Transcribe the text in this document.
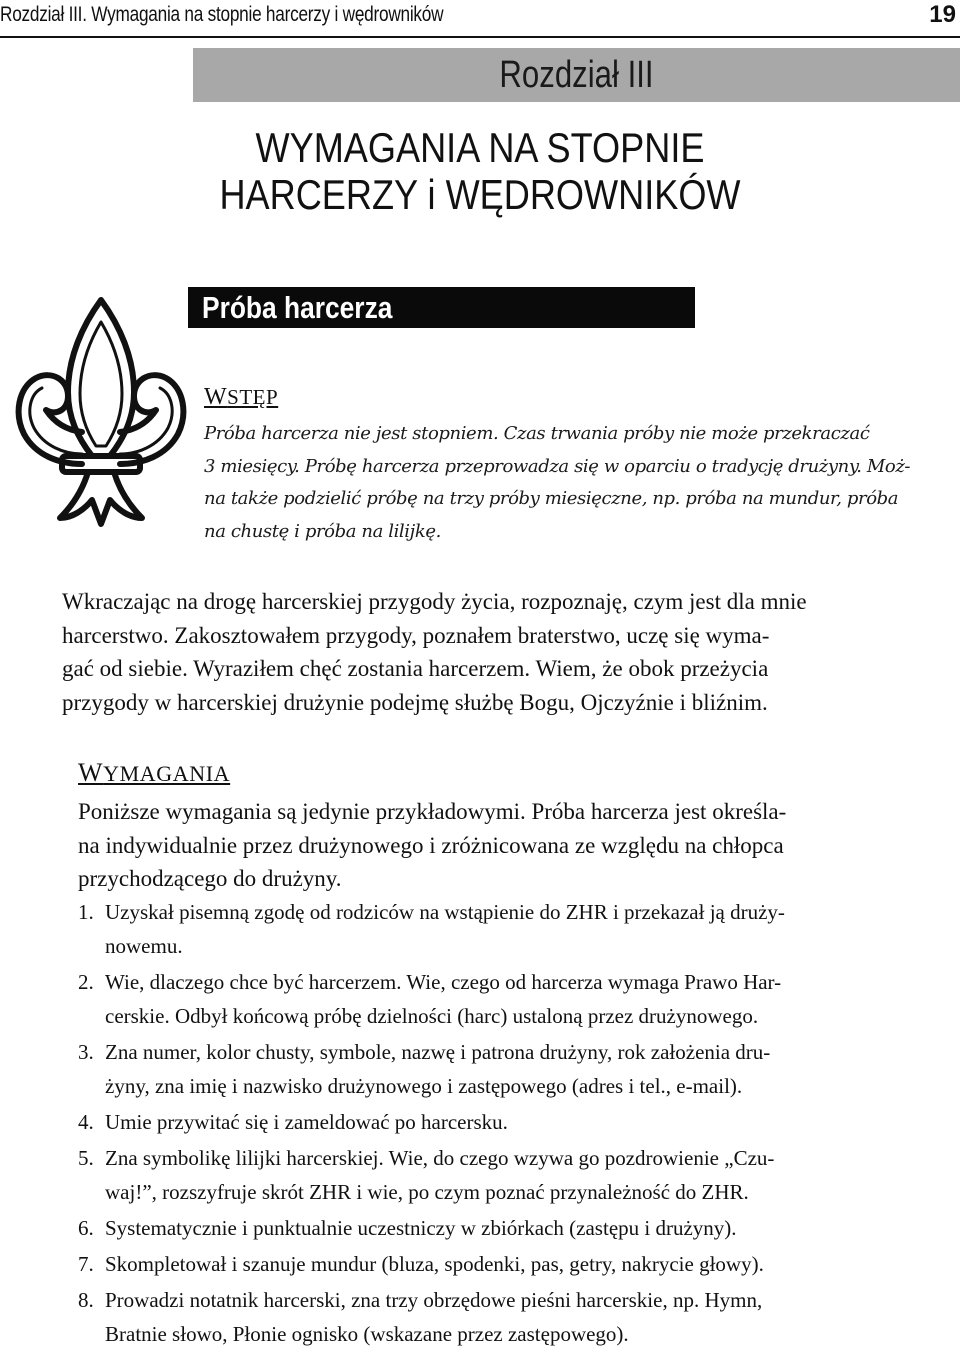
Rozdział III. Wymagania na stopnie harcerzy i wędrowników	19
Rozdział III
WYMAGANIA NA STOPNIE
HARCERZY i WĘDROWNIKÓW
Próba harcerza
WSTĘP
Próba harcerza nie jest stopniem. Czas trwania próby nie może przekraczać
3 miesięcy. Próbę harcerza przeprowadza się w oparciu o tradycję drużyny. Moż-
na także podzielić próbę na trzy próby miesięczne, np. próba na mundur, próba
na chustę i próba na lilijkę.
Wkraczając na drogę harcerskiej przygody życia, rozpoznaję, czym jest dla mnie
harcerstwo. Zakosztowałem przygody, poznałem braterstwo, uczę się wyma-
gać od siebie. Wyraziłem chęć zostania harcerzem. Wiem, że obok przeżycia
przygody w harcerskiej drużynie podejmę służbę Bogu, Ojczyźnie i bliźnim.
WYMAGANIA
Poniższe wymagania są jedynie przykładowymi. Próba harcerza jest określa-
na indywidualnie przez drużynowego i zróżnicowana ze względu na chłopca
przychodzącego do drużyny.
1. Uzyskał pisemną zgodę od rodziców na wstąpienie do ZHR i przekazał ją druży-
nowemu.
2. Wie, dlaczego chce być harcerzem. Wie, czego od harcerza wymaga Prawo Har-
cerskie. Odbył końcową próbę dzielności (harc) ustaloną przez drużynowego.
3. Zna numer, kolor chusty, symbole, nazwę i patrona drużyny, rok założenia dru-
żyny, zna imię i nazwisko drużynowego i zastępowego (adres i tel., e-mail).
4. Umie przywitać się i zameldować po harcersku.
5. Zna symbolikę lilijki harcerskiej. Wie, do czego wzywa go pozdrowienie „Czu-
waj!”, rozszyfruje skrót ZHR i wie, po czym poznać przynależność do ZHR.
6. Systematycznie i punktualnie uczestniczy w zbiórkach (zastępu i drużyny).
7. Skompletował i szanuje mundur (bluza, spodenki, pas, getry, nakrycie głowy).
8. Prowadzi notatnik harcerski, zna trzy obrzędowe pieśni harcerskie, np. Hymn,
Bratnie słowo, Płonie ognisko (wskazane przez zastępowego).
